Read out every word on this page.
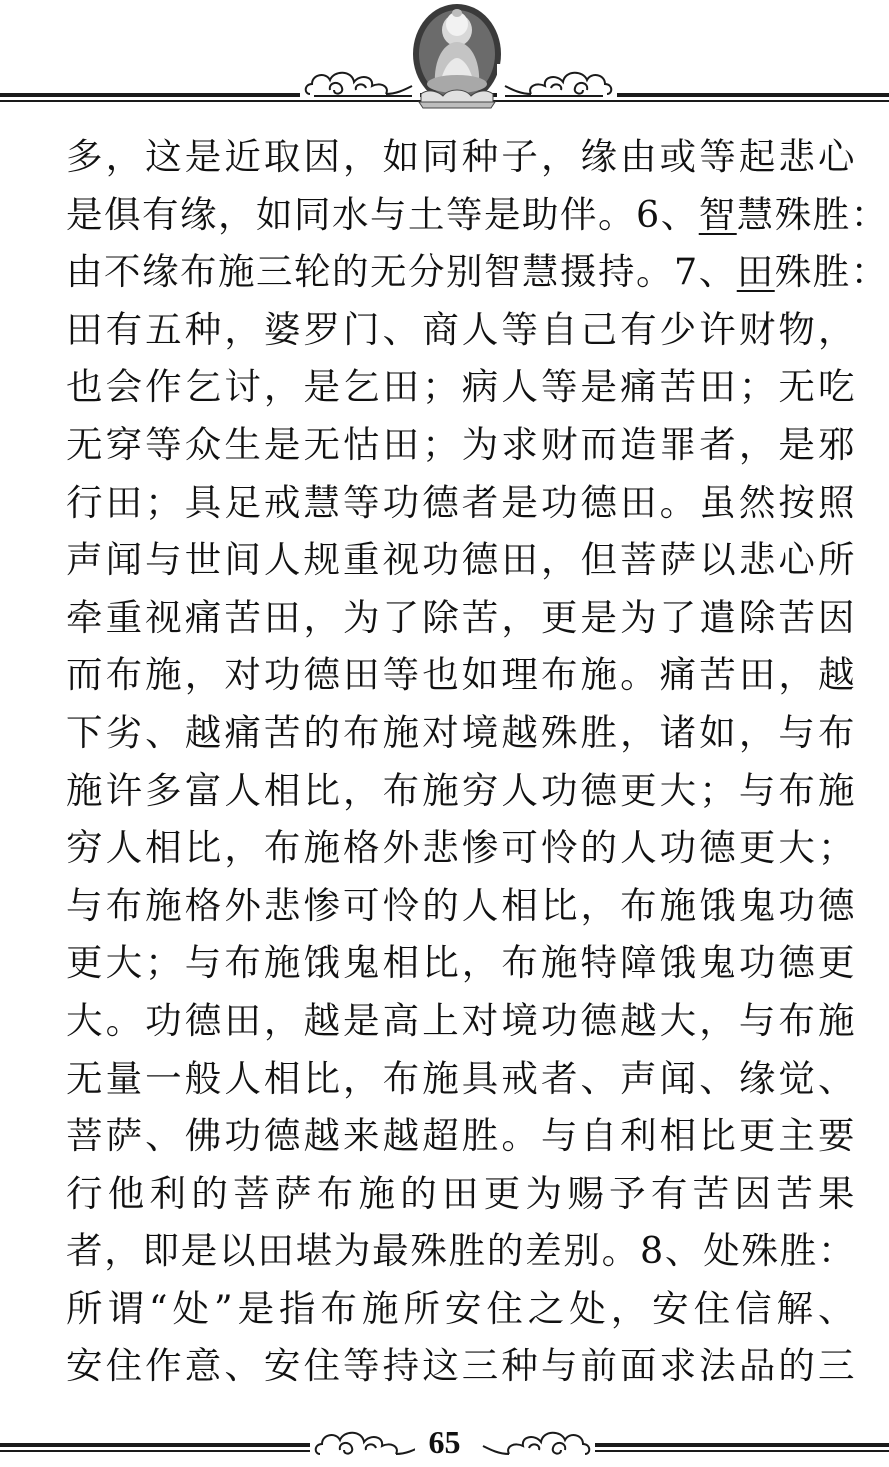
多，这是近取因，如同种子，缘由或等起悲心
是俱有缘，如同水与土等是助伴。6、智慧殊胜：
由不缘布施三轮的无分别智慧摄持。7、田殊胜：
田有五种，婆罗门、商人等自己有少许财物，
也会作乞讨，是乞田；病人等是痛苦田；无吃
无穿等众生是无怙田；为求财而造罪者，是邪
行田；具足戒慧等功德者是功德田。虽然按照
声闻与世间人规重视功德田，但菩萨以悲心所
牵重视痛苦田，为了除苦，更是为了遣除苦因
而布施，对功德田等也如理布施。痛苦田，越
下劣、越痛苦的布施对境越殊胜，诸如，与布
施许多富人相比，布施穷人功德更大；与布施
穷人相比，布施格外悲惨可怜的人功德更大；
与布施格外悲惨可怜的人相比，布施饿鬼功德
更大；与布施饿鬼相比，布施特障饿鬼功德更
大。功德田，越是高上对境功德越大，与布施
无量一般人相比，布施具戒者、声闻、缘觉、
菩萨、佛功德越来越超胜。与自利相比更主要
行他利的菩萨布施的田更为赐予有苦因苦果
者，即是以田堪为最殊胜的差别。8、处殊胜：
所谓“处”是指布施所安住之处，安住信解、
安住作意、安住等持这三种与前面求法品的三
65
